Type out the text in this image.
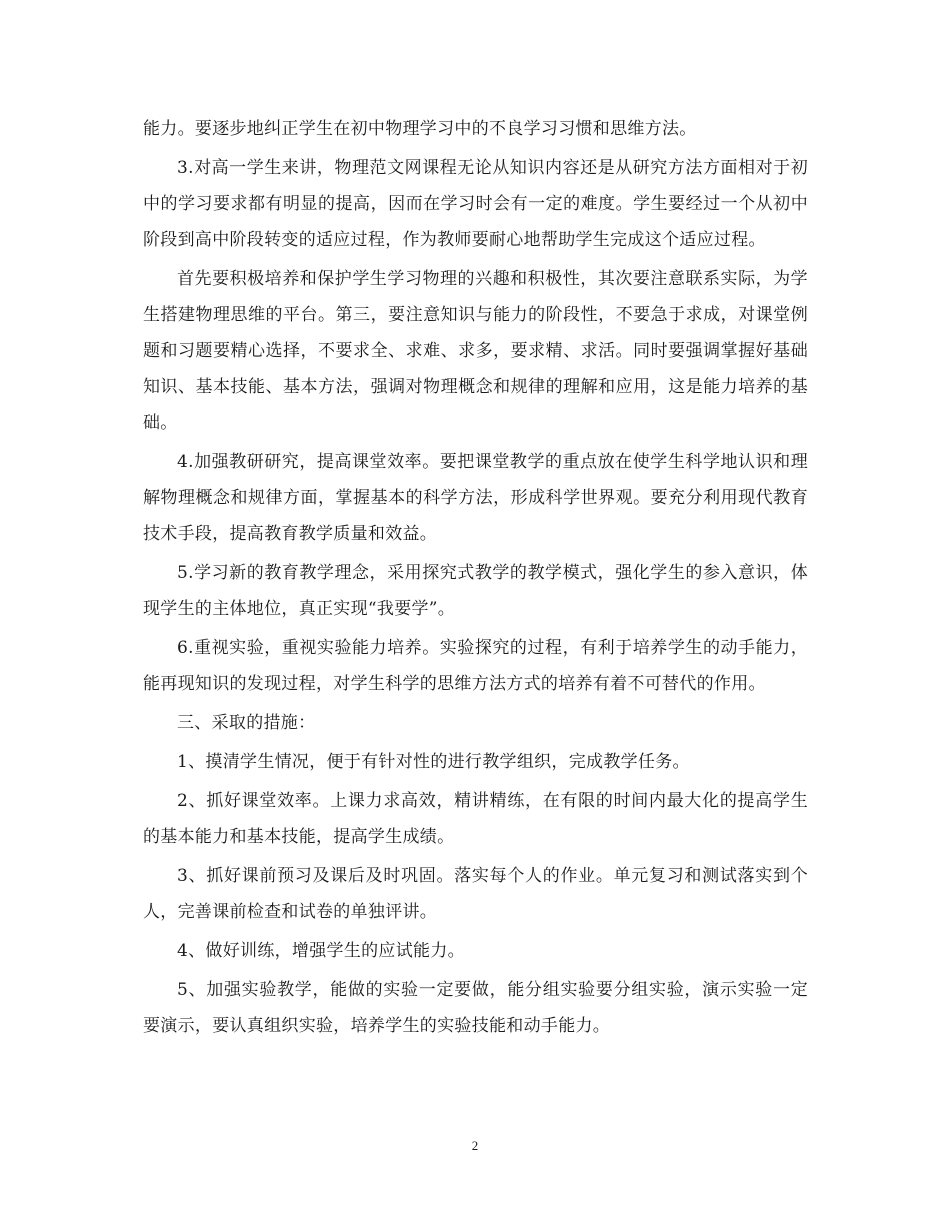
能力。要逐步地纠正学生在初中物理学习中的不良学习习惯和思维方法。

3.对高一学生来讲，物理范文网课程无论从知识内容还是从研究方法方面相对于初中的学习要求都有明显的提高，因而在学习时会有一定的难度。学生要经过一个从初中阶段到高中阶段转变的适应过程，作为教师要耐心地帮助学生完成这个适应过程。

首先要积极培养和保护学生学习物理的兴趣和积极性，其次要注意联系实际，为学生搭建物理思维的平台。第三，要注意知识与能力的阶段性，不要急于求成，对课堂例题和习题要精心选择，不要求全、求难、求多，要求精、求活。同时要强调掌握好基础知识、基本技能、基本方法，强调对物理概念和规律的理解和应用，这是能力培养的基础。

4.加强教研研究，提高课堂效率。要把课堂教学的重点放在使学生科学地认识和理解物理概念和规律方面，掌握基本的科学方法，形成科学世界观。要充分利用现代教育技术手段，提高教育教学质量和效益。

5.学习新的教育教学理念，采用探究式教学的教学模式，强化学生的参入意识，体现学生的主体地位，真正实现“我要学”。

6.重视实验，重视实验能力培养。实验探究的过程，有利于培养学生的动手能力，能再现知识的发现过程，对学生科学的思维方法方式的培养有着不可替代的作用。

三、采取的措施：

1、摸清学生情况，便于有针对性的进行教学组织，完成教学任务。

2、抓好课堂效率。上课力求高效，精讲精练，在有限的时间内最大化的提高学生的基本能力和基本技能，提高学生成绩。

3、抓好课前预习及课后及时巩固。落实每个人的作业。单元复习和测试落实到个人，完善课前检查和试卷的单独评讲。

4、做好训练，增强学生的应试能力。

5、加强实验教学，能做的实验一定要做，能分组实验要分组实验，演示实验一定要演示，要认真组织实验，培养学生的实验技能和动手能力。

2
